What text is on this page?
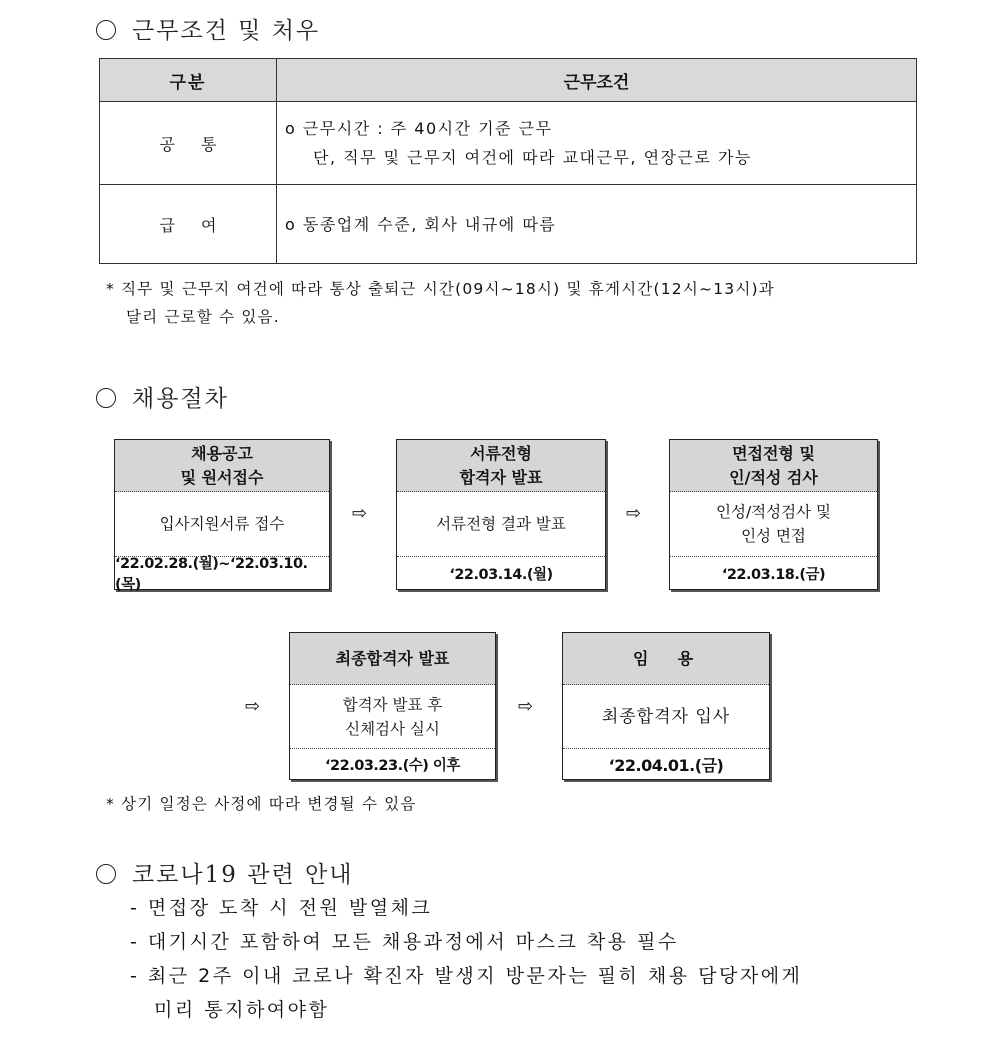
근무조건 및 처우
구분	근무조건
공통	o 근무시간 : 주 40시간 기준 근무
단, 직무 및 근무지 여건에 따라 교대근무, 연장근로 가능

급여	o 동종업계 수준, 회사 내규에 따름
* 직무 및 근무지 여건에 따라 통상 출퇴근 시간(09시~18시) 및 휴게시간(12시~13시)과
달리 근로할 수 있음.
채용절차
채용공고
및 원서접수
입사지원서류 접수
‘22.02.28.(월)~‘22.03.10.(목)
⇨
서류전형
합격자 발표
서류전형 결과 발표
‘22.03.14.(월)
⇨
면접전형 및
인/적성 검사
인성/적성검사 및
인성 면접
‘22.03.18.(금)
⇨
최종합격자 발표
합격자 발표 후
신체검사 실시
‘22.03.23.(수) 이후
⇨
임  용
최종합격자 입사
‘22.04.01.(금)
* 상기 일정은 사정에 따라 변경될 수 있음
코로나19 관련 안내
- 면접장 도착 시 전원 발열체크
- 대기시간 포함하여 모든 채용과정에서 마스크 착용 필수
- 최근 2주 이내 코로나 확진자 발생지 방문자는 필히 채용 담당자에게
미리 통지하여야함
